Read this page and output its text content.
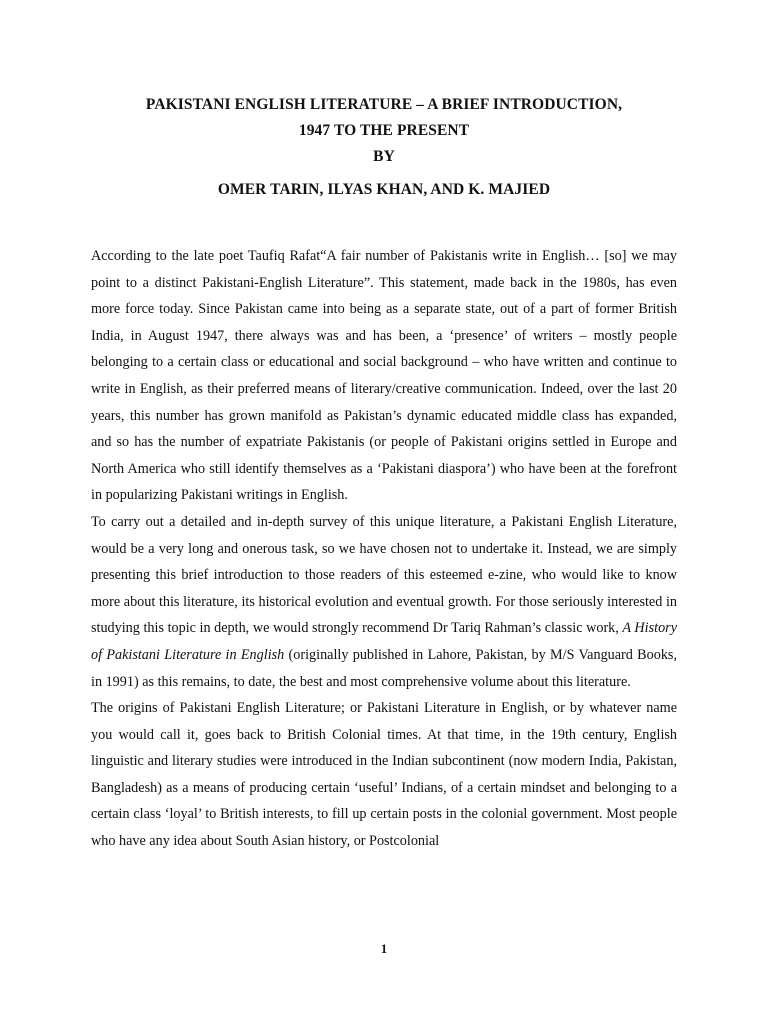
PAKISTANI ENGLISH LITERATURE – A BRIEF INTRODUCTION,
1947 TO THE PRESENT
BY
OMER TARIN, ILYAS KHAN, AND K. MAJIED

According to the late poet Taufiq Rafat“A fair number of Pakistanis write in English… [so] we may point to a distinct Pakistani-English Literature”. This statement, made back in the 1980s, has even more force today. Since Pakistan came into being as a separate state, out of a part of former British India, in August 1947, there always was and has been, a ‘presence’ of writers – mostly people belonging to a certain class or educational and social background – who have written and continue to write in English, as their preferred means of literary/creative communication. Indeed, over the last 20 years, this number has grown manifold as Pakistan’s dynamic educated middle class has expanded, and so has the number of expatriate Pakistanis (or people of Pakistani origins settled in Europe and North America who still identify themselves as a ‘Pakistani diaspora’) who have been at the forefront in popularizing Pakistani writings in English.

To carry out a detailed and in-depth survey of this unique literature, a Pakistani English Literature, would be a very long and onerous task, so we have chosen not to undertake it. Instead, we are simply presenting this brief introduction to those readers of this esteemed e-zine, who would like to know more about this literature, its historical evolution and eventual growth. For those seriously interested in studying this topic in depth, we would strongly recommend Dr Tariq Rahman’s classic work, A History of Pakistani Literature in English (originally published in Lahore, Pakistan, by M/S Vanguard Books, in 1991) as this remains, to date, the best and most comprehensive volume about this literature.

The origins of Pakistani English Literature; or Pakistani Literature in English, or by whatever name you would call it, goes back to British Colonial times. At that time, in the 19th century, English linguistic and literary studies were introduced in the Indian subcontinent (now modern India, Pakistan, Bangladesh) as a means of producing certain ‘useful’ Indians, of a certain mindset and belonging to a certain class ‘loyal’ to British interests, to fill up certain posts in the colonial government. Most people who have any idea about South Asian history, or Postcolonial

1
